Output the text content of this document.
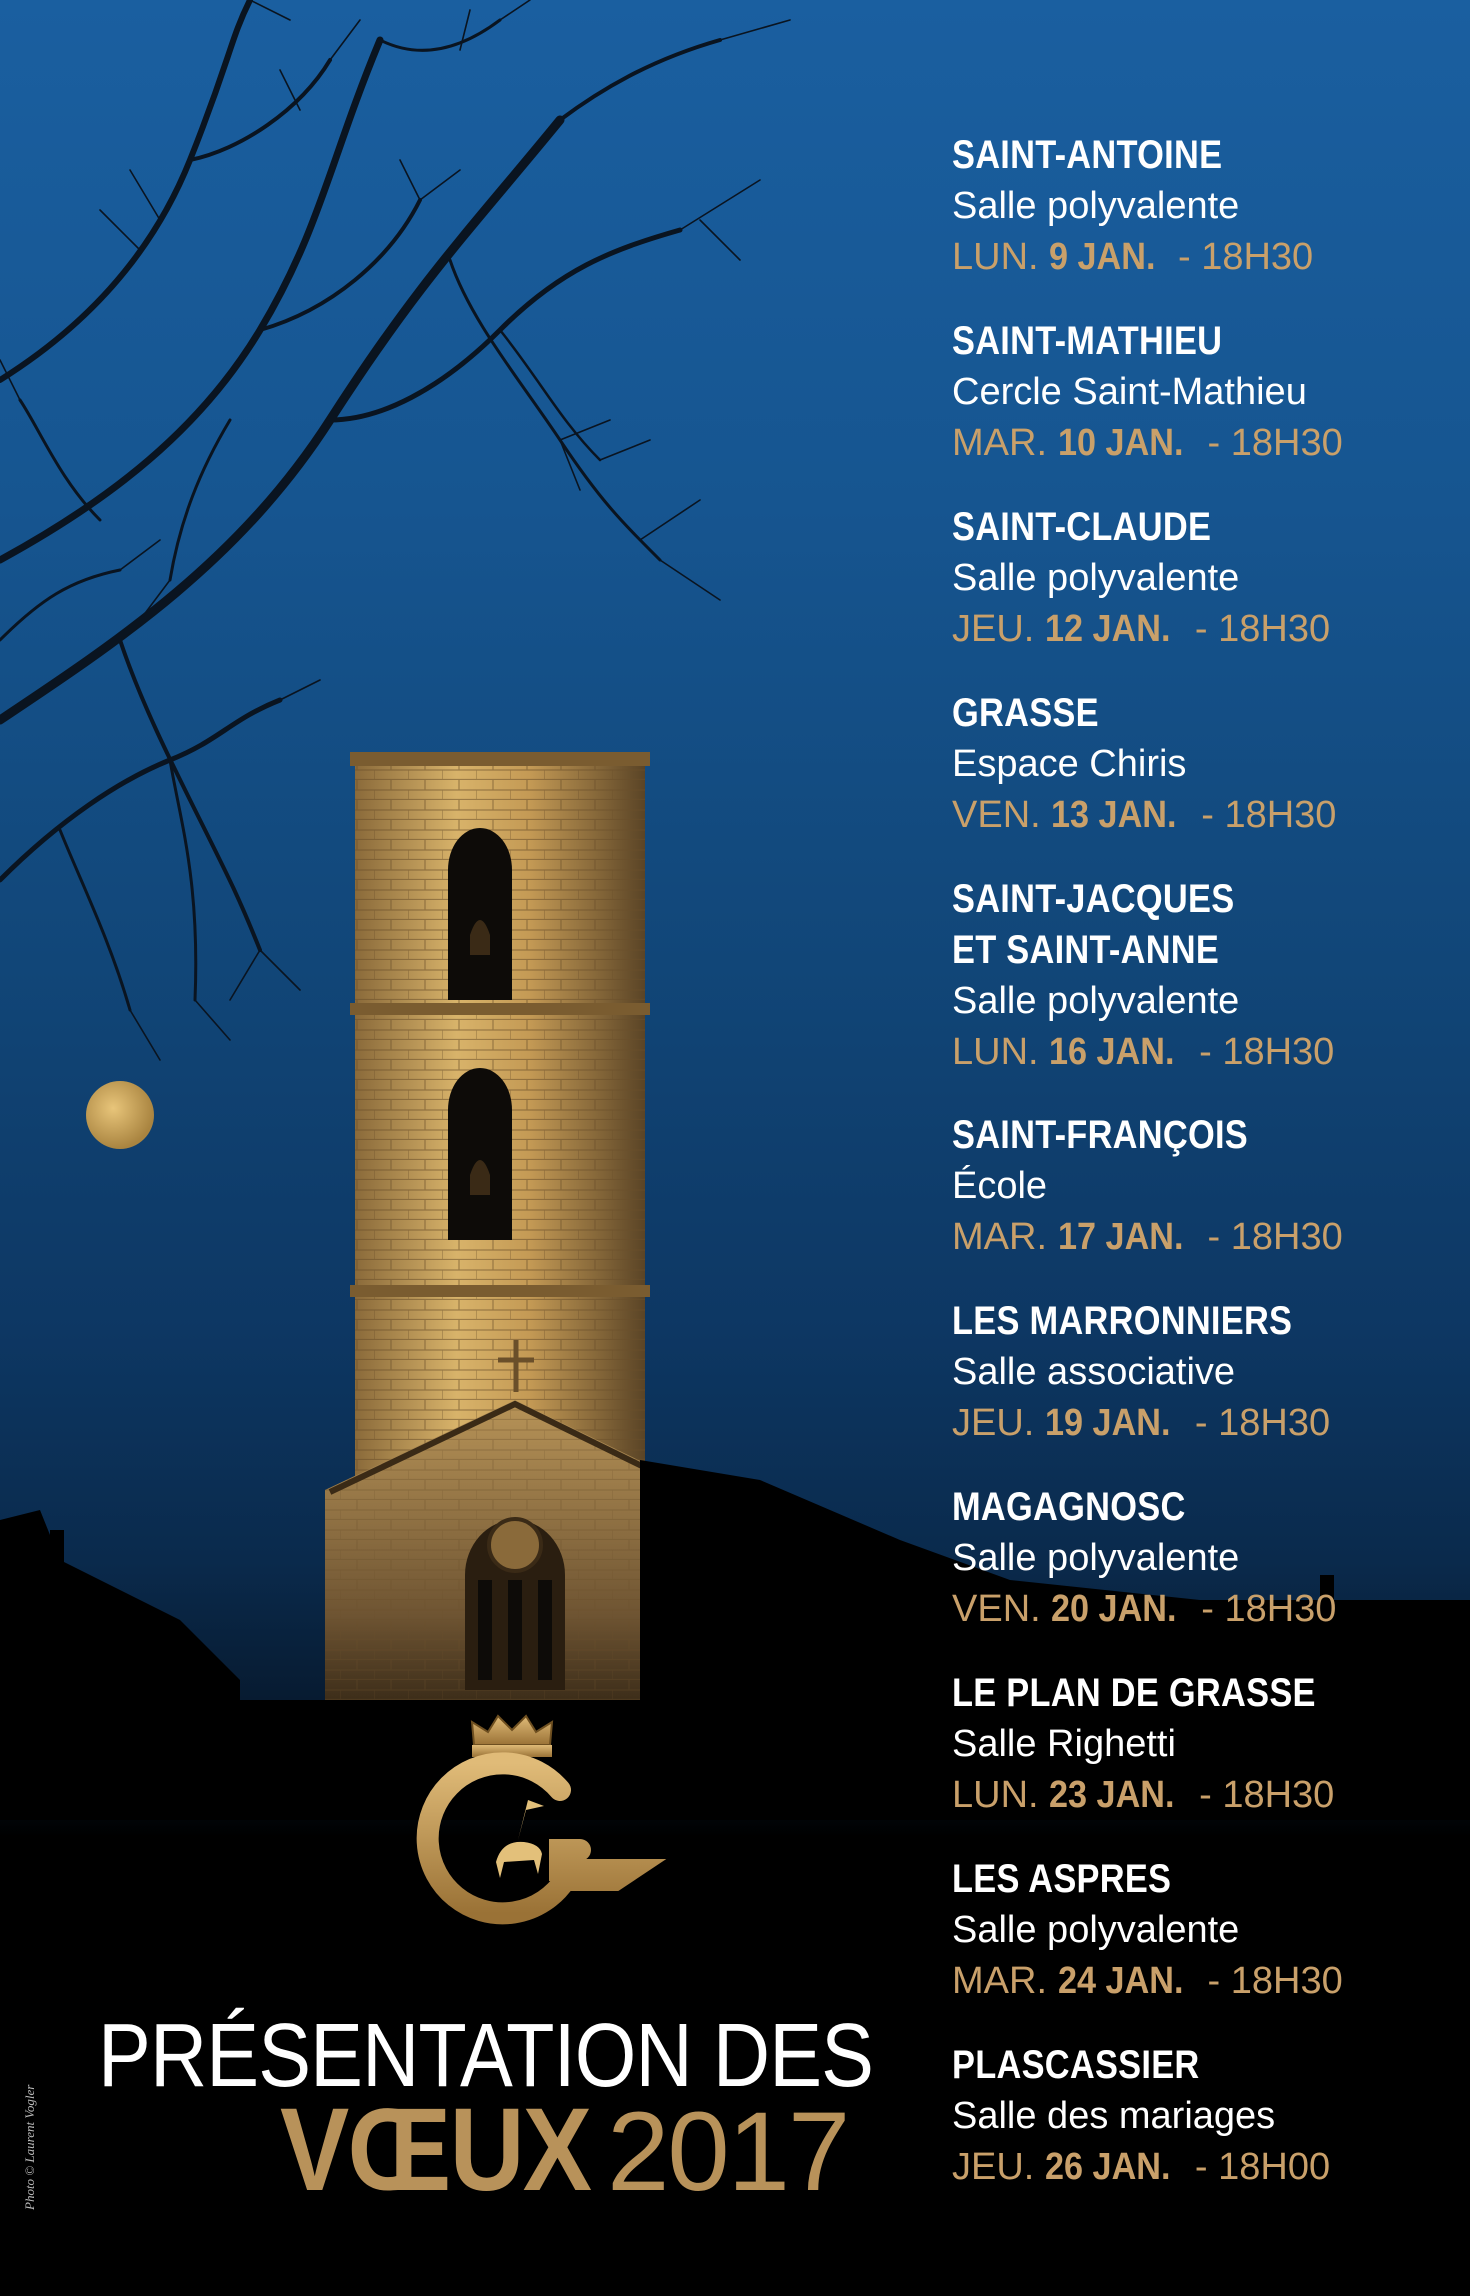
SAINT-ANTOINE
Salle polyvalente
LUN. 9 JAN. - 18H30
SAINT-MATHIEU
Cercle Saint-Mathieu
MAR. 10 JAN. - 18H30
SAINT-CLAUDE
Salle polyvalente
JEU. 12 JAN. - 18H30
GRASSE
Espace Chiris
VEN. 13 JAN. - 18H30
SAINT-JACQUES
ET SAINT-ANNE
Salle polyvalente
LUN. 16 JAN. - 18H30
SAINT-FRANÇOIS
École
MAR. 17 JAN. - 18H30
LES MARRONNIERS
Salle associative
JEU. 19 JAN. - 18H30
MAGAGNOSC
Salle polyvalente
VEN. 20 JAN. - 18H30
LE PLAN DE GRASSE
Salle Righetti
LUN. 23 JAN. - 18H30
LES ASPRES
Salle polyvalente
MAR. 24 JAN. - 18H30
PLASCASSIER
Salle des mariages
JEU. 26 JAN. - 18H00
PRÉSENTATION DES
VŒUX 2017
Photo © Laurent Vogler
